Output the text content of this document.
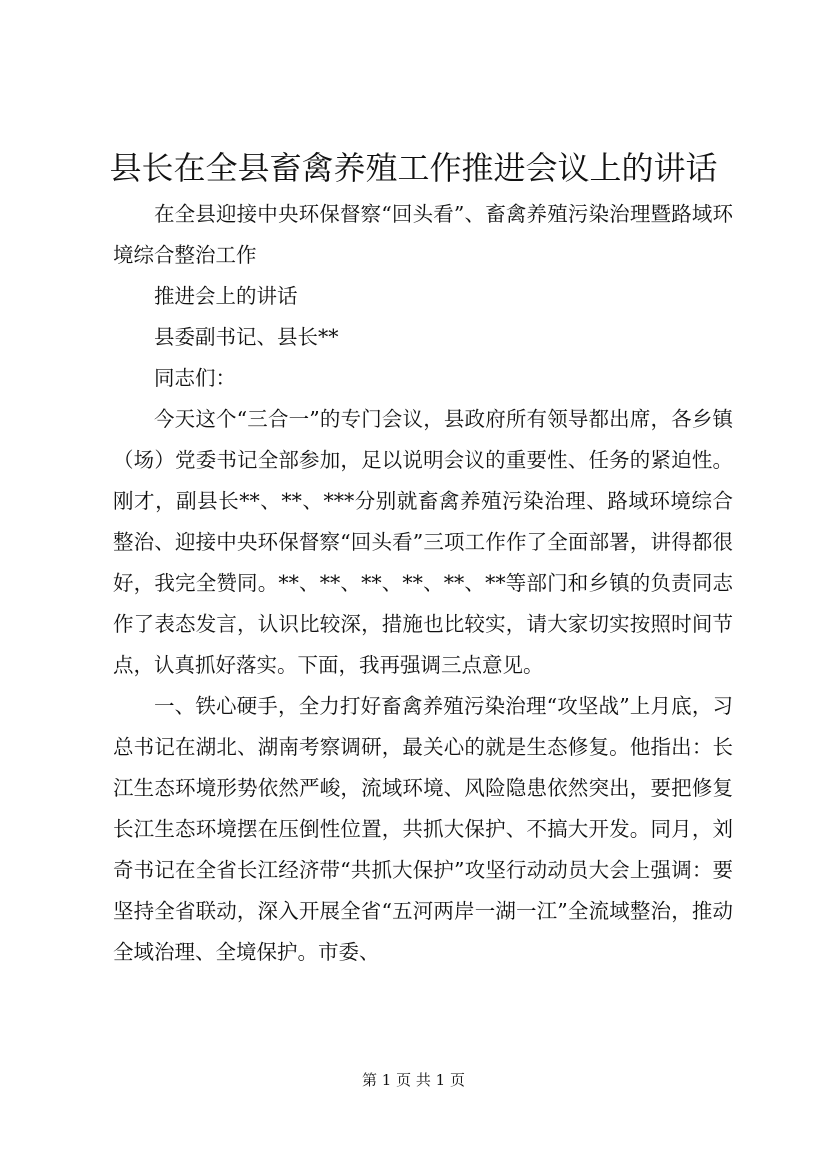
县长在全县畜禽养殖工作推进会议上的讲话

在全县迎接中央环保督察“回头看”、畜禽养殖污染治理暨路域环境综合整治工作

推进会上的讲话

县委副书记、县长**

同志们：

今天这个“三合一”的专门会议，县政府所有领导都出席，各乡镇（场）党委书记全部参加，足以说明会议的重要性、任务的紧迫性。刚才，副县长**、**、***分别就畜禽养殖污染治理、路域环境综合整治、迎接中央环保督察“回头看”三项工作作了全面部署，讲得都很好，我完全赞同。**、**、**、**、**、**等部门和乡镇的负责同志作了表态发言，认识比较深，措施也比较实，请大家切实按照时间节点，认真抓好落实。下面，我再强调三点意见。

一、铁心硬手，全力打好畜禽养殖污染治理“攻坚战”上月底，习总书记在湖北、湖南考察调研，最关心的就是生态修复。他指出：长江生态环境形势依然严峻，流域环境、风险隐患依然突出，要把修复长江生态环境摆在压倒性位置，共抓大保护、不搞大开发。同月，刘奇书记在全省长江经济带“共抓大保护”攻坚行动动员大会上强调：要坚持全省联动，深入开展全省“五河两岸一湖一江”全流域整治，推动全域治理、全境保护。市委、

第 1 页 共 1 页
